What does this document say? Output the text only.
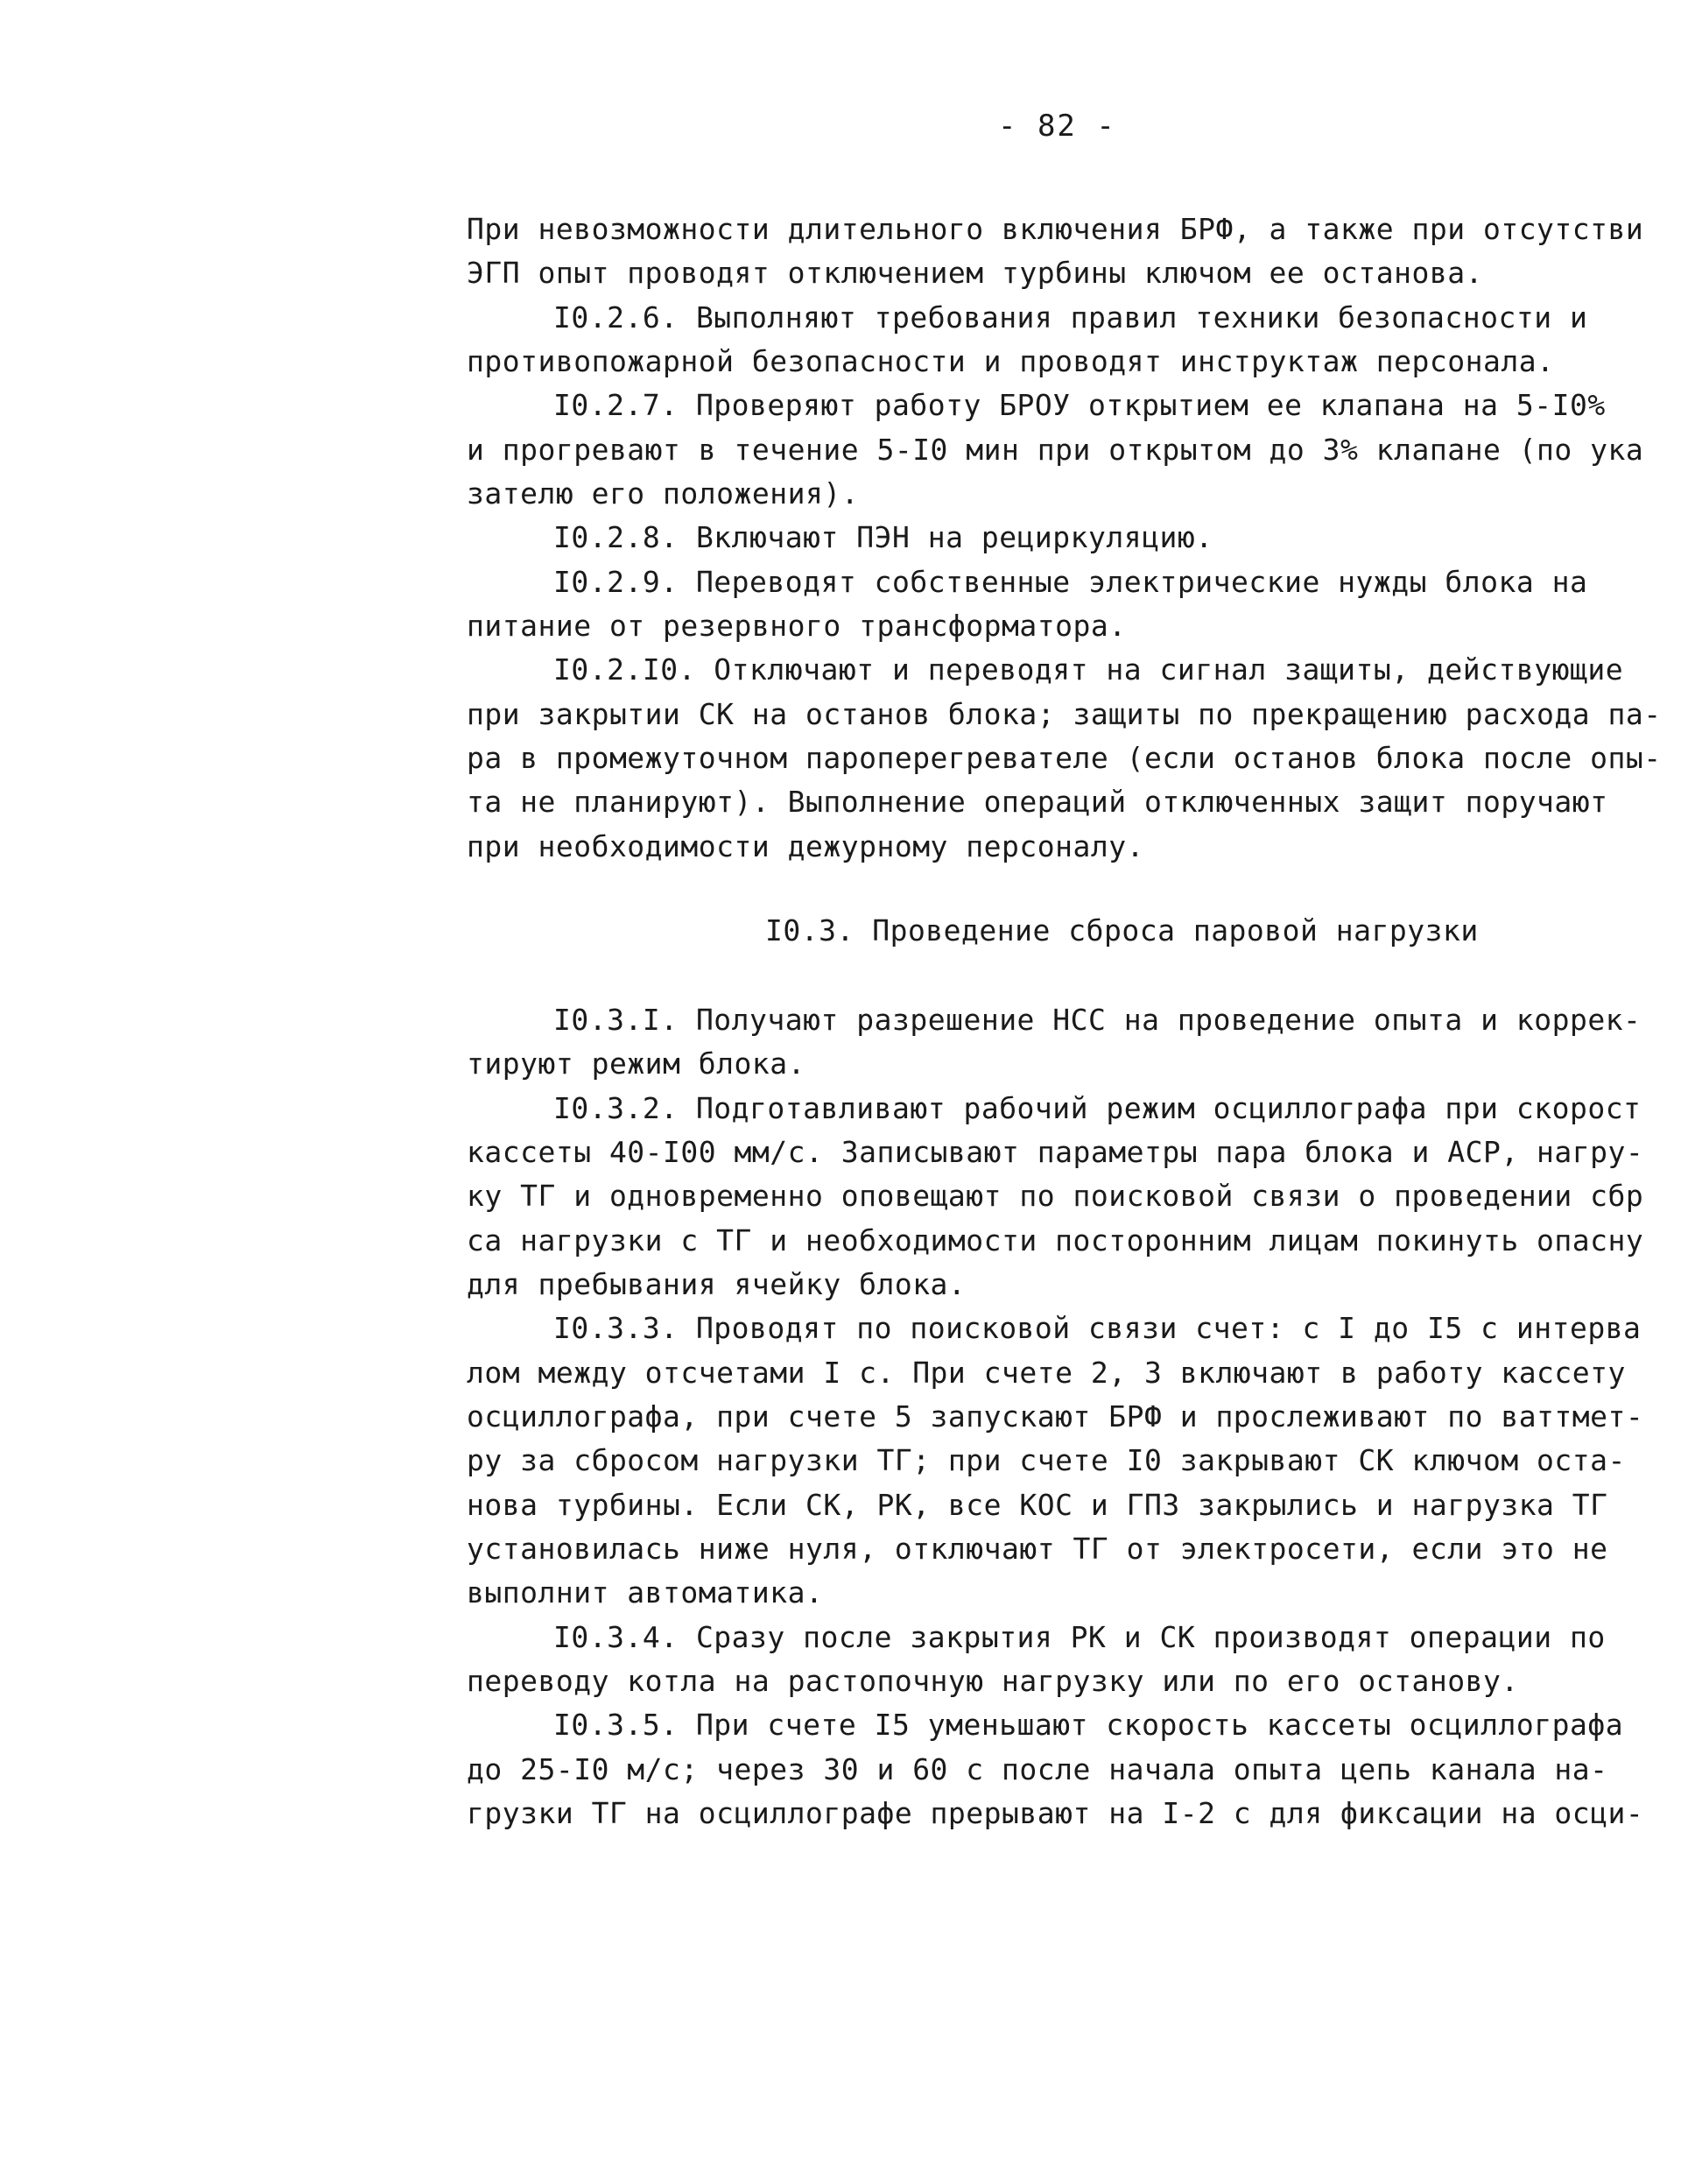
- 82 -
При невозможности длительного включения БРФ, а также при отсутстви
ЭГП опыт проводят отключением турбины ключом ее останова.
I0.2.6. Выполняют требования правил техники безопасности и
противопожарной безопасности и проводят инструктаж персонала.
I0.2.7. Проверяют работу БРОУ открытием ее клапана на 5-I0%
и прогревают в течение 5-I0 мин при открытом до 3% клапане (по ука
зателю его положения).
I0.2.8. Включают ПЭН на рециркуляцию.
I0.2.9. Переводят собственные электрические нужды блока на
питание от резервного трансформатора.
I0.2.I0. Отключают и переводят на сигнал защиты, действующие
при закрытии СК на останов блока; защиты по прекращению расхода па-
ра в промежуточном пароперегревателе (если останов блока после опы-
та не планируют). Выполнение операций отключенных защит поручают
при необходимости дежурному персоналу.
I0.3. Проведение сброса паровой нагрузки
I0.3.I. Получают разрешение НСС на проведение опыта и коррек-
тируют режим блока.
I0.3.2. Подготавливают рабочий режим осциллографа при скорост
кассеты 40-I00 мм/с. Записывают параметры пара блока и АСР, нагру-
ку ТГ и одновременно оповещают по поисковой связи о проведении сбр
са нагрузки с ТГ и необходимости посторонним лицам покинуть опасну
для пребывания ячейку блока.
I0.3.3. Проводят по поисковой связи счет: с I до I5 с интерва
лом между отсчетами I с. При счете 2, 3 включают в работу кассету
осциллографа, при счете 5 запускают БРФ и прослеживают по ваттмет-
ру за сбросом нагрузки ТГ; при счете I0 закрывают СК ключом оста-
нова турбины. Если СК, РК, все КОС и ГПЗ закрылись и нагрузка ТГ
установилась ниже нуля, отключают ТГ от электросети, если это не
выполнит автоматика.
I0.3.4. Сразу после закрытия РК и СК производят операции по
переводу котла на растопочную нагрузку или по его останову.
I0.3.5. При счете I5 уменьшают скорость кассеты осциллографа
до 25-I0 м/с; через 30 и 60 с после начала опыта цепь канала на-
грузки ТГ на осциллографе прерывают на I-2 с для фиксации на осци-
